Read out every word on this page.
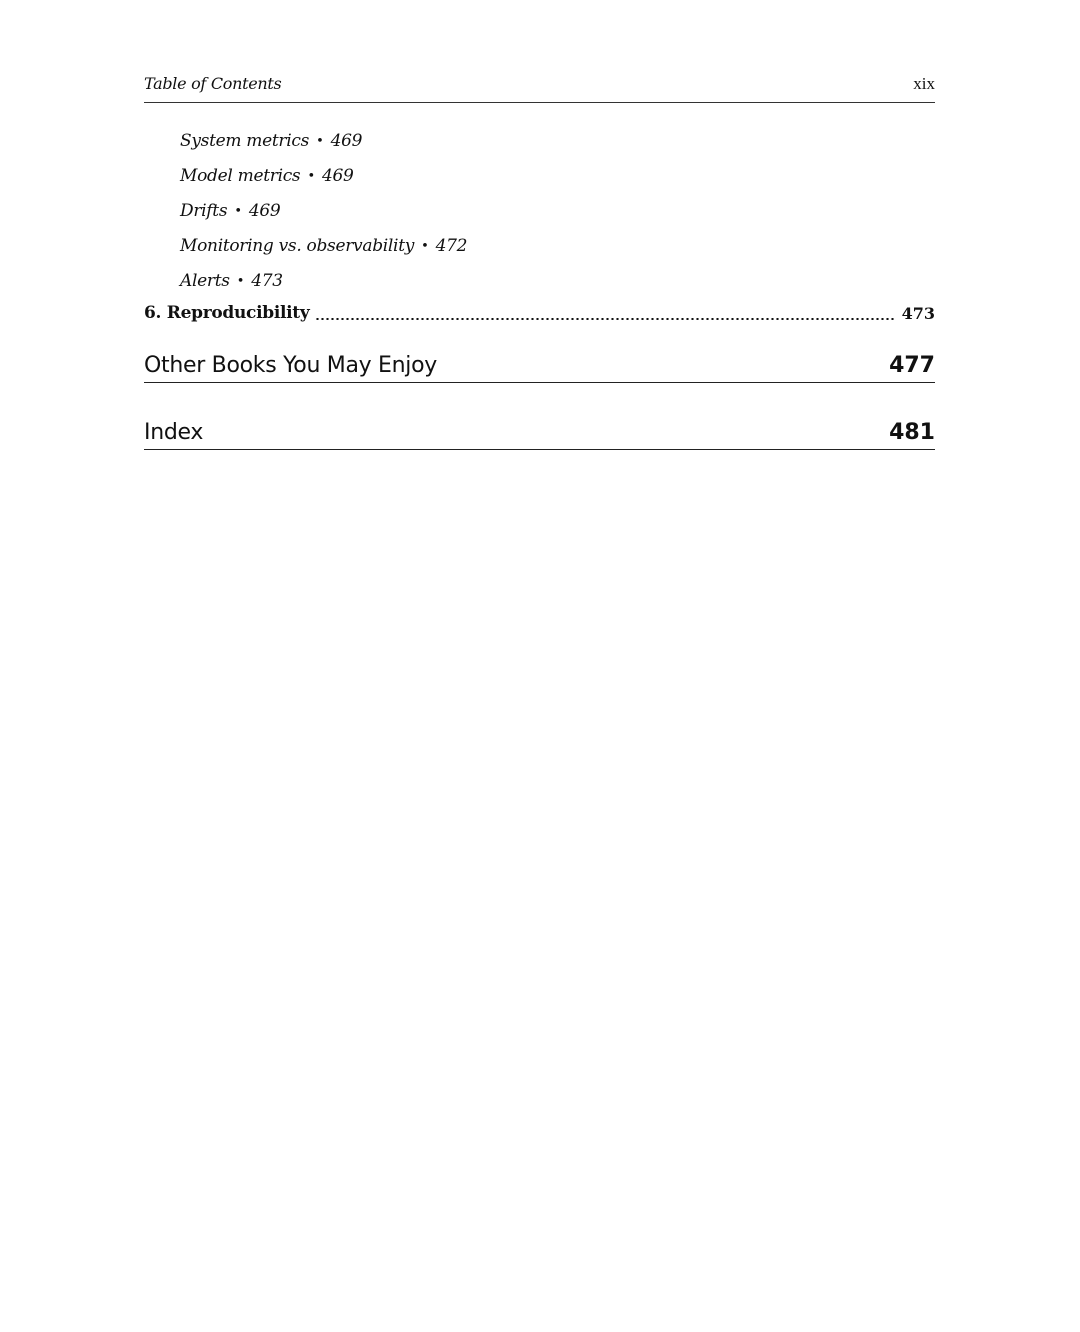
Table of Contents	xix
System metrics • 469
Model metrics • 469
Drifts • 469
Monitoring vs. observability • 472
Alerts • 473
6. Reproducibility	473
Other Books You May Enjoy	477
Index	481
